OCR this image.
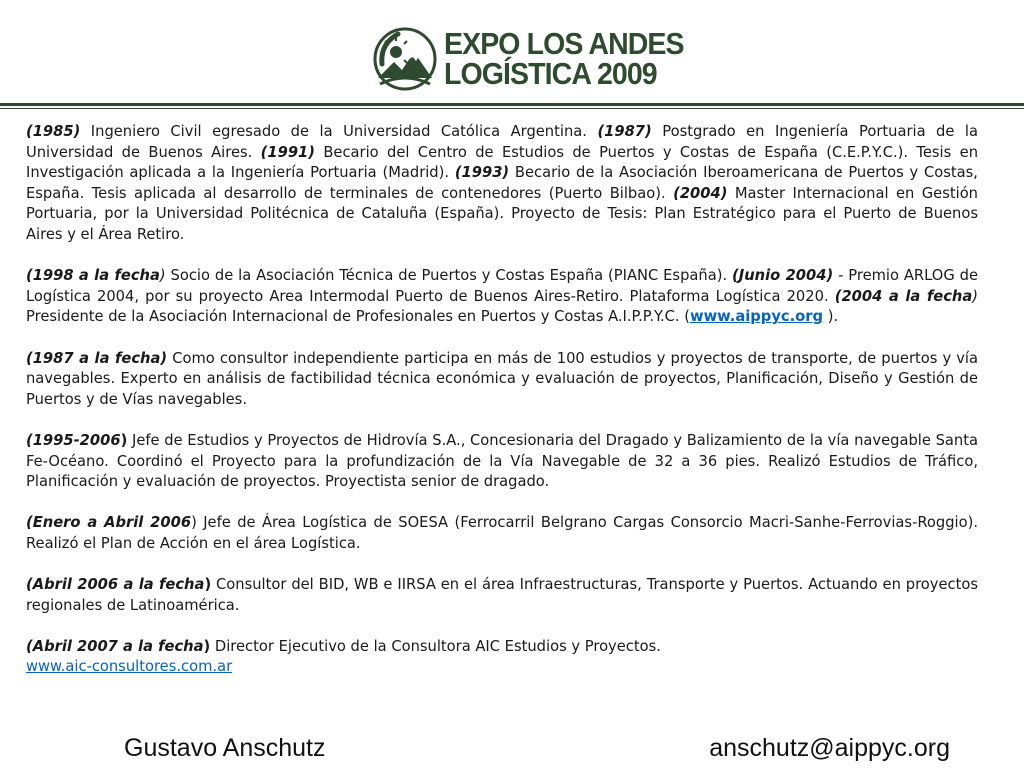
EXPO LOS ANDES
LOGÍSTICA 2009

(1985) Ingeniero Civil egresado de la Universidad Católica Argentina. (1987) Postgrado en Ingeniería Portuaria de la Universidad de Buenos Aires. (1991) Becario del Centro de Estudios de Puertos y Costas de España (C.E.P.Y.C.). Tesis en Investigación aplicada a la Ingeniería Portuaria (Madrid). (1993) Becario de la Asociación Iberoamericana de Puertos y Costas, España. Tesis aplicada al desarrollo de terminales de contenedores (Puerto Bilbao). (2004) Master Internacional en Gestión Portuaria, por la Universidad Politécnica de Cataluña (España). Proyecto de Tesis: Plan Estratégico para el Puerto de Buenos Aires y el Área Retiro.

(1998 a la fecha) Socio de la Asociación Técnica de Puertos y Costas España (PIANC España). (Junio 2004) - Premio ARLOG de Logística 2004, por su proyecto Area Intermodal Puerto de Buenos Aires-Retiro. Plataforma Logística 2020. (2004 a la fecha) Presidente de la Asociación Internacional de Profesionales en Puertos y Costas A.I.P.P.Y.C. (www.aippyc.org ).

(1987 a la fecha) Como consultor independiente participa en más de 100 estudios y proyectos de transporte, de puertos y vía navegables. Experto en análisis de factibilidad técnica económica y evaluación de proyectos, Planificación, Diseño y Gestión de Puertos y de Vías navegables.

(1995-2006) Jefe de Estudios y Proyectos de Hidrovía S.A., Concesionaria del Dragado y Balizamiento de la vía navegable Santa Fe-Océano. Coordinó el Proyecto para la profundización de la Vía Navegable de 32 a 36 pies. Realizó Estudios de Tráfico, Planificación y evaluación de proyectos. Proyectista senior de dragado.

(Enero a Abril 2006) Jefe de Área Logística de SOESA (Ferrocarril Belgrano Cargas Consorcio Macri-Sanhe-Ferrovias-Roggio). Realizó el Plan de Acción en el área Logística.

(Abril 2006 a la fecha) Consultor del BID, WB e IIRSA en el área Infraestructuras, Transporte y Puertos. Actuando en proyectos regionales de Latinoamérica.

(Abril 2007 a la fecha) Director Ejecutivo de la Consultora AIC Estudios y Proyectos.
www.aic-consultores.com.ar

Gustavo Anschutz	anschutz@aippyc.org
